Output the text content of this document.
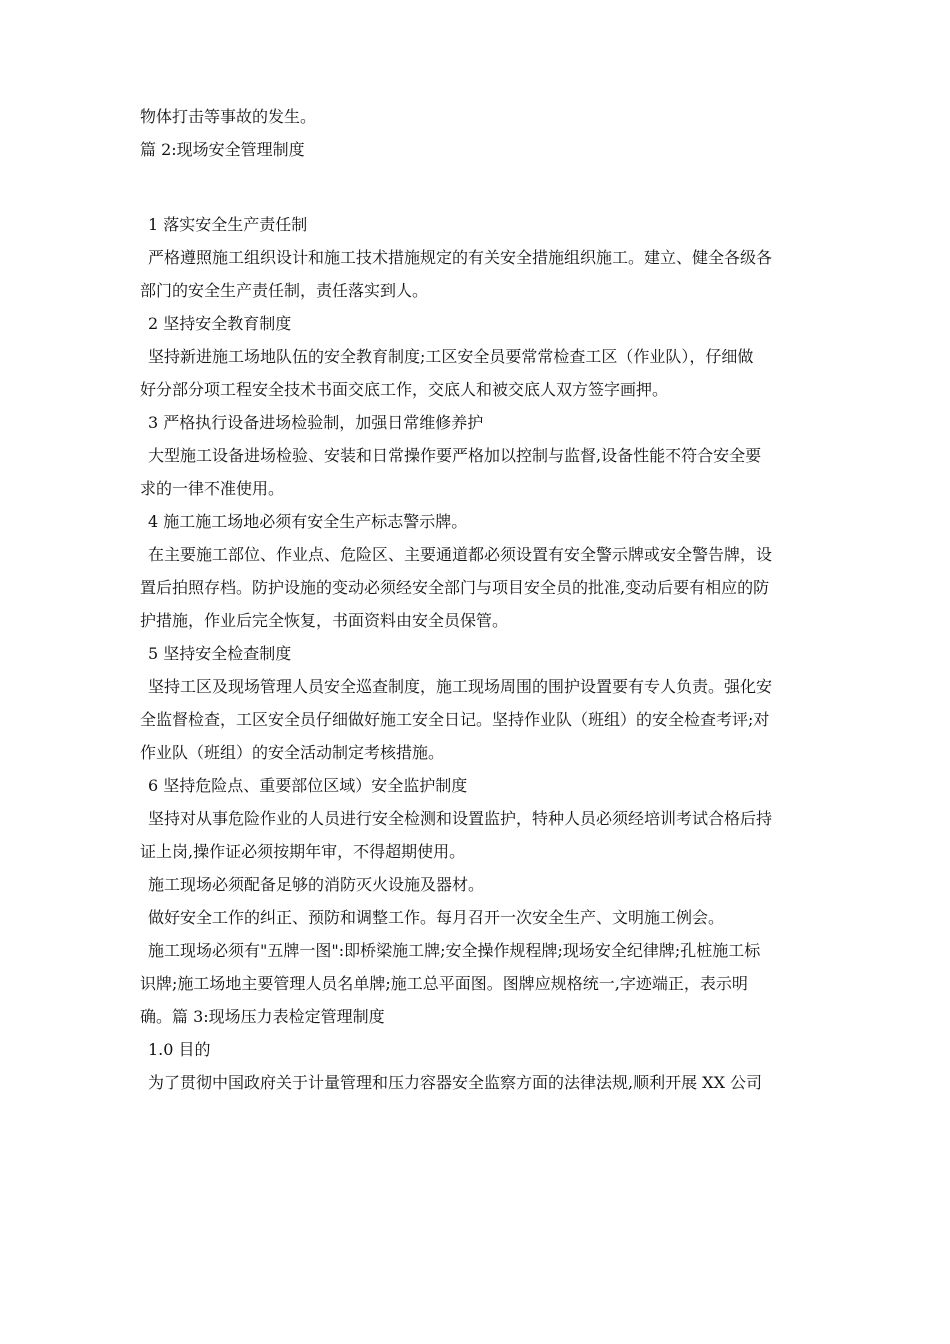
物体打击等事故的发生。
篇 2:现场安全管理制度

1 落实安全生产责任制
严格遵照施工组织设计和施工技术措施规定的有关安全措施组织施工。建立、健全各级各
部门的安全生产责任制，责任落实到人。
2 坚持安全教育制度
坚持新进施工场地队伍的安全教育制度;工区安全员要常常检查工区（作业队），仔细做
好分部分项工程安全技术书面交底工作，交底人和被交底人双方签字画押。
3 严格执行设备进场检验制，加强日常维修养护
大型施工设备进场检验、安装和日常操作要严格加以控制与监督,设备性能不符合安全要
求的一律不准使用。
4 施工施工场地必须有安全生产标志警示牌。
在主要施工部位、作业点、危险区、主要通道都必须设置有安全警示牌或安全警告牌，设
置后拍照存档。防护设施的变动必须经安全部门与项目安全员的批准,变动后要有相应的防
护措施，作业后完全恢复，书面资料由安全员保管。
5 坚持安全检查制度
坚持工区及现场管理人员安全巡查制度，施工现场周围的围护设置要有专人负责。强化安
全监督检查，工区安全员仔细做好施工安全日记。坚持作业队（班组）的安全检查考评;对
作业队（班组）的安全活动制定考核措施。
6 坚持危险点、重要部位区域）安全监护制度
坚持对从事危险作业的人员进行安全检测和设置监护，特种人员必须经培训考试合格后持
证上岗,操作证必须按期年审，不得超期使用。
施工现场必须配备足够的消防灭火设施及器材。
做好安全工作的纠正、预防和调整工作。每月召开一次安全生产、文明施工例会。
施工现场必须有"五牌一图":即桥梁施工牌;安全操作规程牌;现场安全纪律牌;孔桩施工标
识牌;施工场地主要管理人员名单牌;施工总平面图。图牌应规格统一,字迹端正，表示明
确。篇 3:现场压力表检定管理制度
1.0 目的
为了贯彻中国政府关于计量管理和压力容器安全监察方面的法律法规,顺利开展 XX 公司
